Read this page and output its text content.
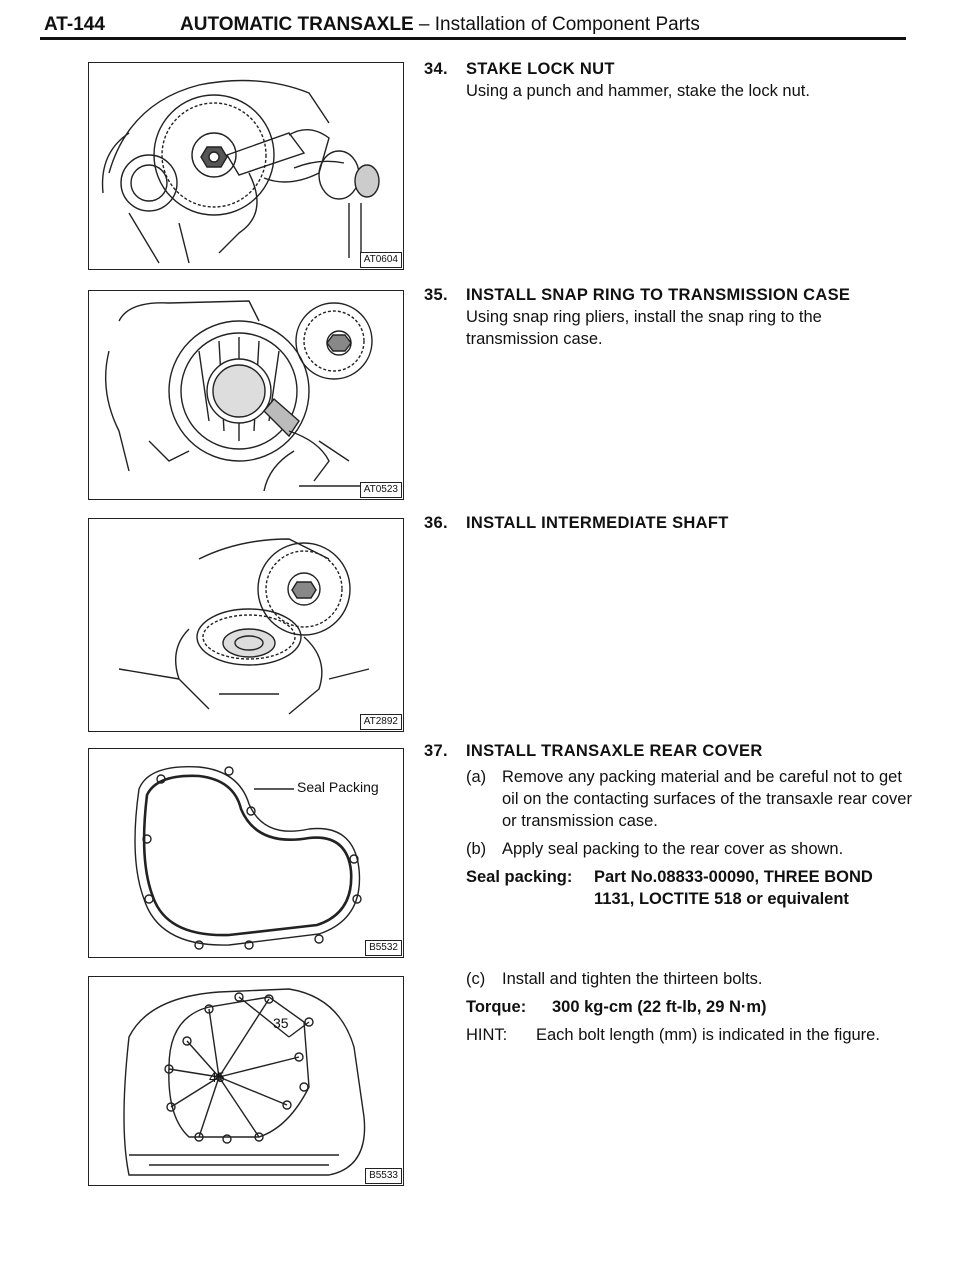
AT-144	AUTOMATIC TRANSAXLE – Installation of Component Parts
AT0604
AT0523
AT2892
Seal Packing
B5532
35
45
B5533
34. STAKE LOCK NUT
Using a punch and hammer, stake the lock nut.
35. INSTALL SNAP RING TO TRANSMISSION CASE
Using snap ring pliers, install the snap ring to the transmission case.
36. INSTALL INTERMEDIATE SHAFT
37. INSTALL TRANSAXLE REAR COVER
(a) Remove any packing material and be careful not to get oil on the contacting surfaces of the transaxle rear cover or transmission case.
(b) Apply seal packing to the rear cover as shown.
Seal packing:	Part No.08833-00090, THREE BOND 1131, LOCTITE 518 or equivalent
(c) Install and tighten the thirteen bolts.
Torque:	300 kg-cm (22 ft-lb, 29 N·m)
HINT:	Each bolt length (mm) is indicated in the figure.
